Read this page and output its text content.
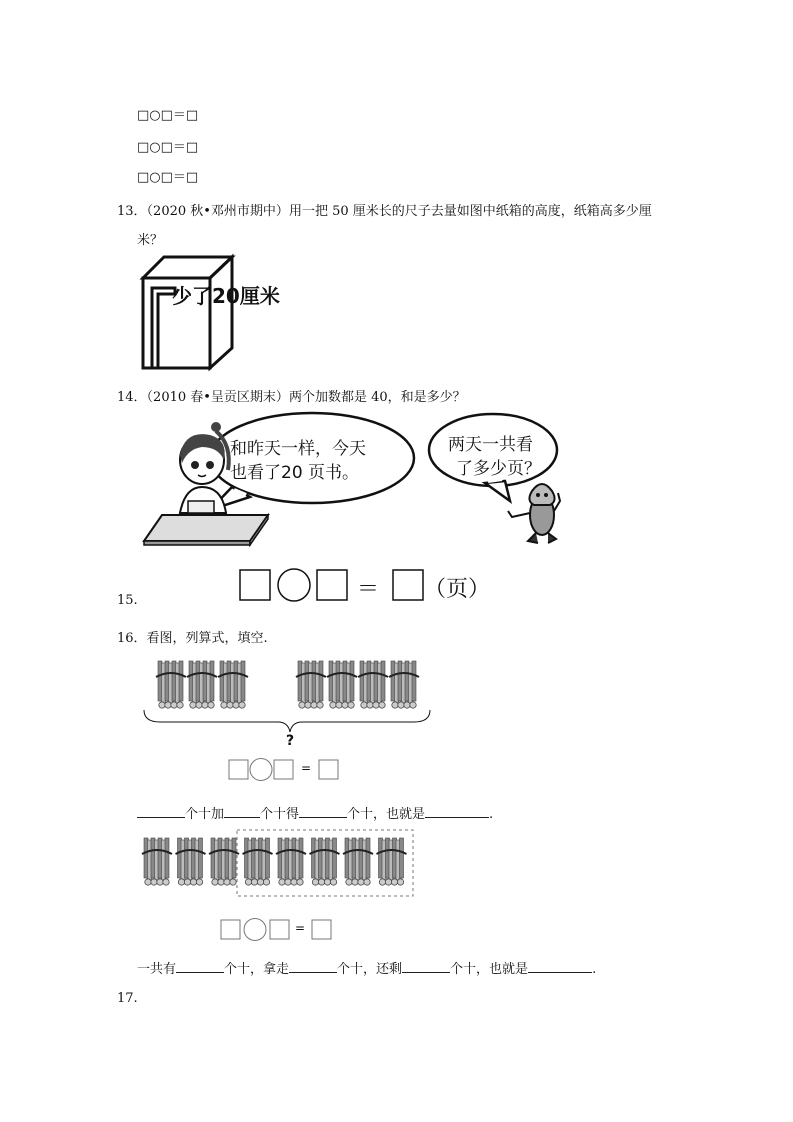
□○□＝□
□○□＝□
□○□＝□
13．（2020 秋•邓州市期中）用一把 50 厘米长的尺子去量如图中纸箱的高度，纸箱高多少厘
米？
少了20厘米
14．（2010 春•呈贡区期末）两个加数都是 40，和是多少？
和昨天一样，今天
也看了20 页书。
两天一共看
了多少页？
15.	＝ （页）
16．看图，列算式，填空.
?
=
个十加	个十得	个十，也就是	.
=
一共有	个十，拿走	个十，还剩	个十，也就是	.
17.
